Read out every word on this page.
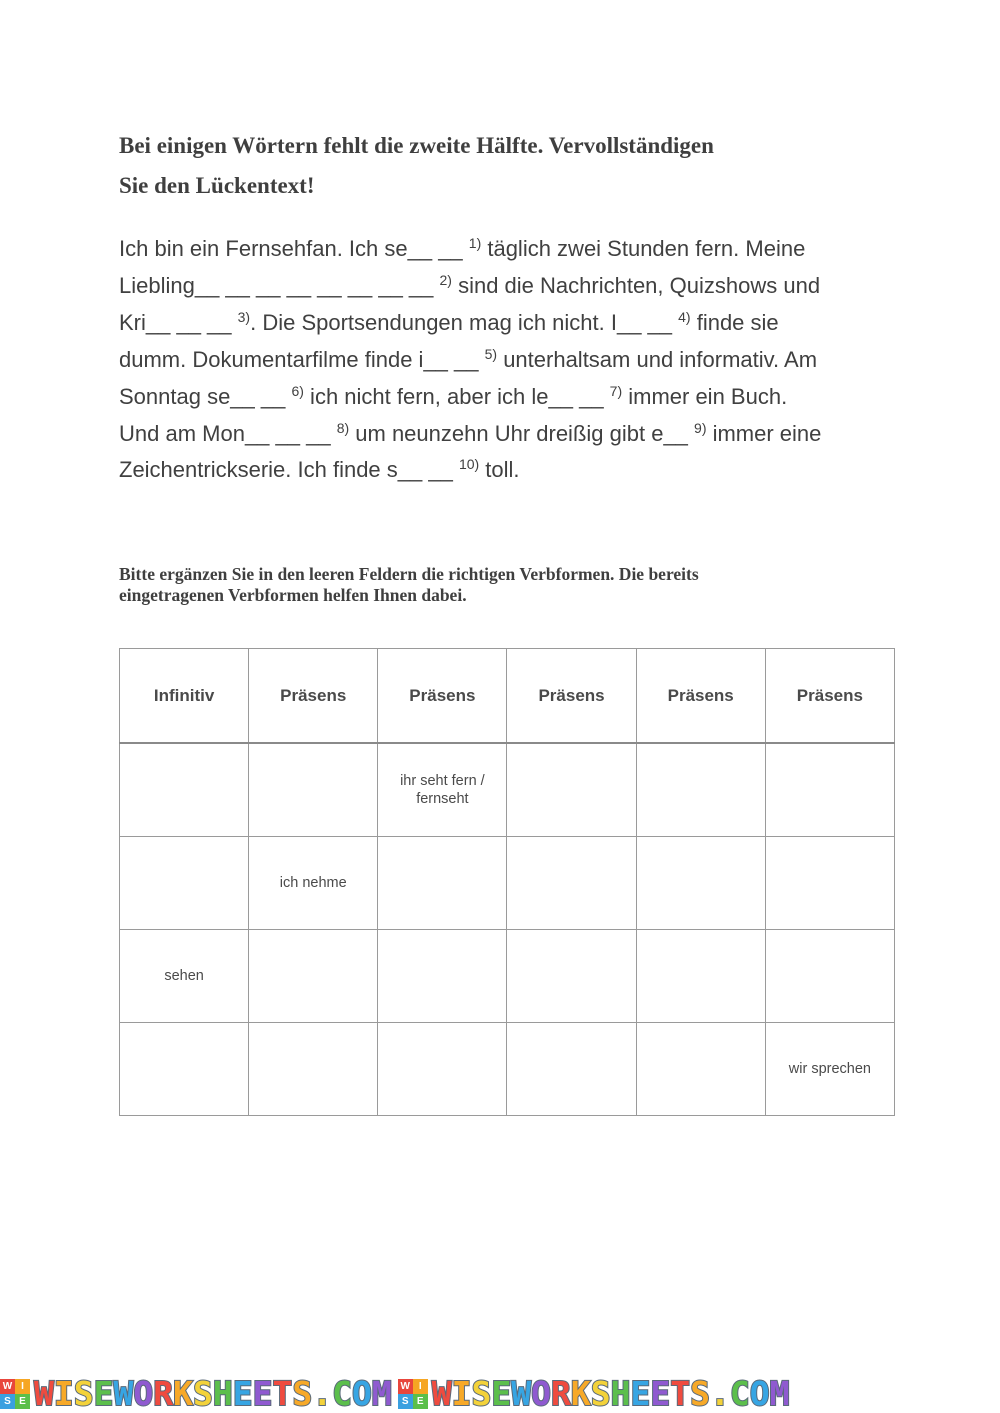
Bei einigen Wörtern fehlt die zweite Hälfte. Vervollständigen
Sie den Lückentext!
Ich bin ein Fernsehfan. Ich se__ __ $^{1)}$ täglich zwei Stunden fern. Meine
Liebling__ __ __ __ __ __ __ __ $^{2)}$ sind die Nachrichten, Quizshows und
Kri__ __ __ $^{3)}$. Die Sportsendungen mag ich nicht. I__ __ $^{4)}$ finde sie
dumm. Dokumentarfilme finde i__ __ $^{5)}$ unterhaltsam und informativ. Am
Sonntag se__ __ $^{6)}$ ich nicht fern, aber ich le__ __ $^{7)}$ immer ein Buch.
Und am Mon__ __ __ $^{8)}$ um neunzehn Uhr dreißig gibt e__ $^{9)}$ immer eine
Zeichentrickserie. Ich finde s__ __ $^{10)}$ toll.
Bitte ergänzen Sie in den leeren Feldern die richtigen Verbformen. Die bereits
eingetragenen Verbformen helfen Ihnen dabei.
Infinitiv	Präsens	Präsens	Präsens	Präsens	Präsens
		ihr seht fern / fernseht			
	ich nehme				
sehen					
					wir sprechen
W I
S E WISEWORKSHEETS.COM W I
S E WISEWORKSHEETS.COM
